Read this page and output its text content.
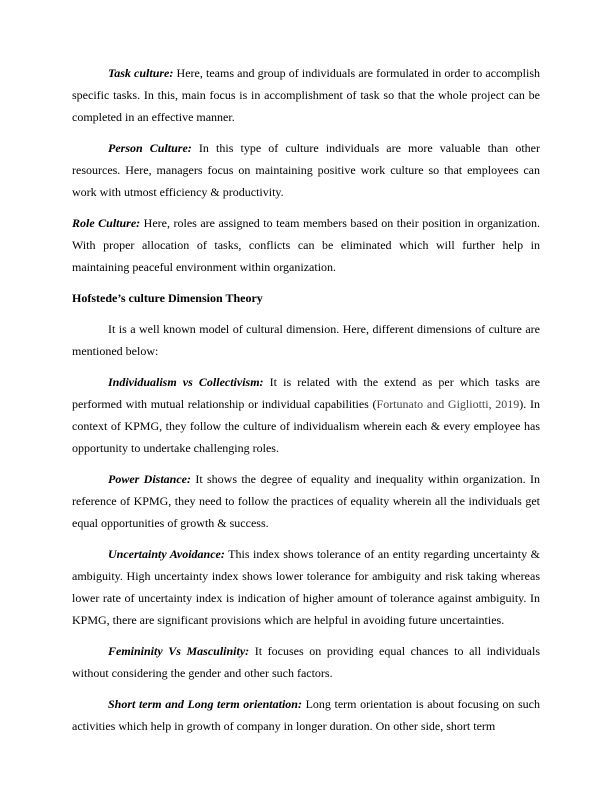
Task culture: Here, teams and group of individuals are formulated in order to accomplish specific tasks. In this, main focus is in accomplishment of task so that the whole project can be completed in an effective manner.

Person Culture: In this type of culture individuals are more valuable than other resources. Here, managers focus on maintaining positive work culture so that employees can work with utmost efficiency & productivity.

Role Culture: Here, roles are assigned to team members based on their position in organization. With proper allocation of tasks, conflicts can be eliminated which will further help in maintaining peaceful environment within organization.

Hofstede’s culture Dimension Theory

It is a well known model of cultural dimension. Here, different dimensions of culture are mentioned below:

Individualism vs Collectivism: It is related with the extend as per which tasks are performed with mutual relationship or individual capabilities (Fortunato and Gigliotti, 2019). In context of KPMG, they follow the culture of individualism wherein each & every employee has opportunity to undertake challenging roles.

Power Distance: It shows the degree of equality and inequality within organization. In reference of KPMG, they need to follow the practices of equality wherein all the individuals get equal opportunities of growth & success.

Uncertainty Avoidance: This index shows tolerance of an entity regarding uncertainty & ambiguity. High uncertainty index shows lower tolerance for ambiguity and risk taking whereas lower rate of uncertainty index is indication of higher amount of tolerance against ambiguity. In KPMG, there are significant provisions which are helpful in avoiding future uncertainties.

Femininity Vs Masculinity: It focuses on providing equal chances to all individuals without considering the gender and other such factors.

Short term and Long term orientation: Long term orientation is about focusing on such activities which help in growth of company in longer duration. On other side, short term
